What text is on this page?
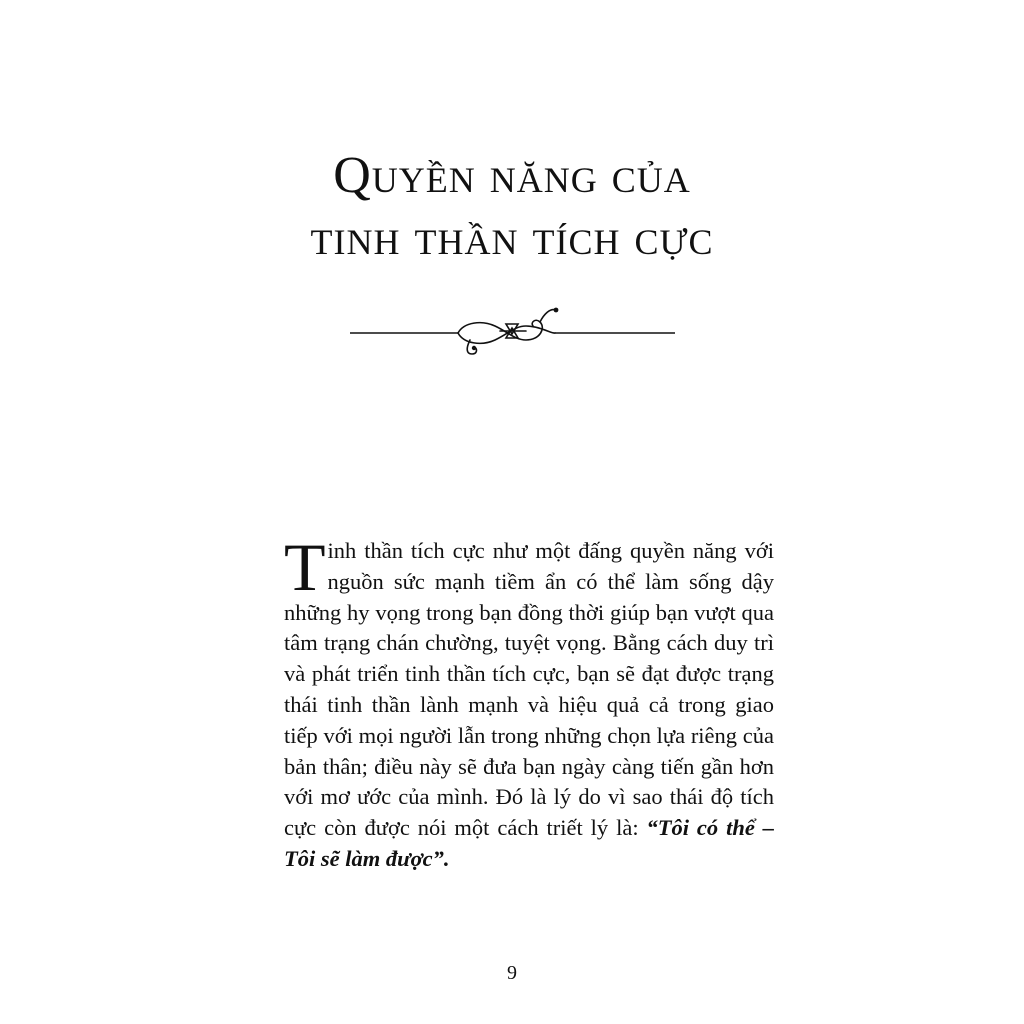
Quyền năng của
tinh thần tích cực
Tinh thần tích cực như một đấng quyền năng với nguồn sức mạnh tiềm ẩn có thể làm sống dậy những hy vọng trong bạn đồng thời giúp bạn vượt qua tâm trạng chán chường, tuyệt vọng. Bằng cách duy trì và phát triển tinh thần tích cực, bạn sẽ đạt được trạng thái tinh thần lành mạnh và hiệu quả cả trong giao tiếp với mọi người lẫn trong những chọn lựa riêng của bản thân; điều này sẽ đưa bạn ngày càng tiến gần hơn với mơ ước của mình. Đó là lý do vì sao thái độ tích cực còn được nói một cách triết lý là: “Tôi có thể – Tôi sẽ làm được”.
9
